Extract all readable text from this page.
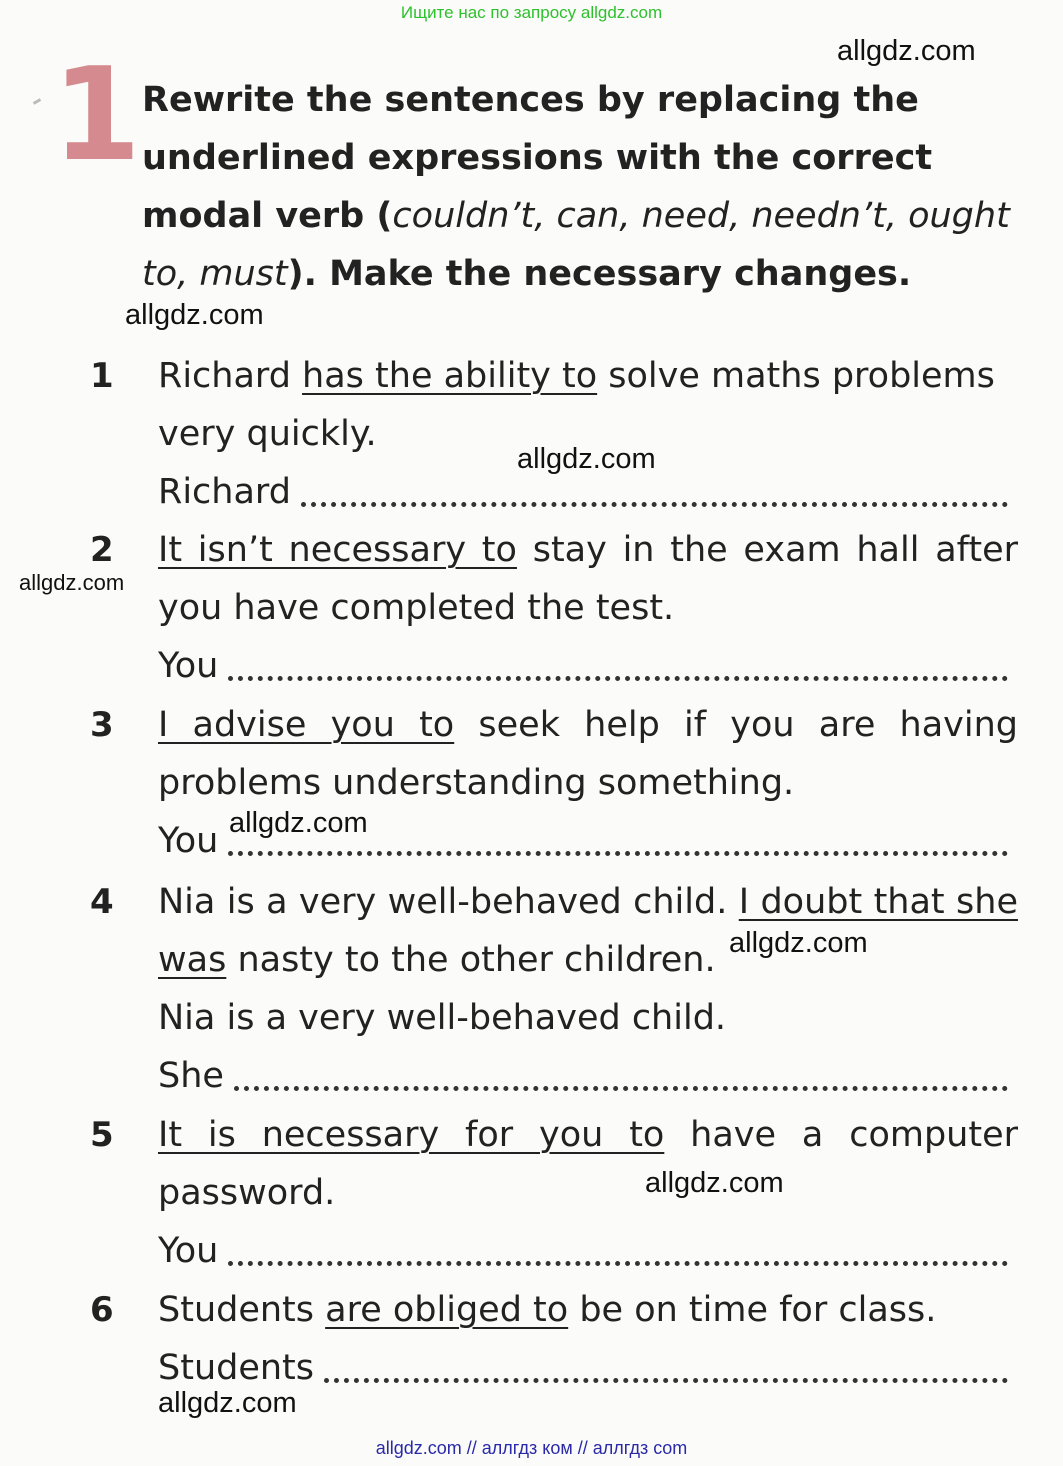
Ищите нас по запросу allgdz.com
allgdz.com
allgdz.com
allgdz.com
allgdz.com
allgdz.com
allgdz.com
allgdz.com
allgdz.com
1 Rewrite the sentences by replacing the underlined expressions with the correct modal verb (couldn’t, can, need, needn’t, ought to, must). Make the necessary changes.
1 Richard has the ability to solve maths problems
very quickly.
Richard
2 It isn’t necessary to stay in the exam hall after
you have completed the test.
You
3 I advise you to seek help if you are having
problems understanding something.
You
4 Nia is a very well-behaved child. I doubt that she
was nasty to the other children.
Nia is a very well-behaved child.
She
5 It is necessary for you to have a computer
password.
You
6 Students are obliged to be on time for class.
Students
allgdz.com // аллгдз ком // аллгдз com
